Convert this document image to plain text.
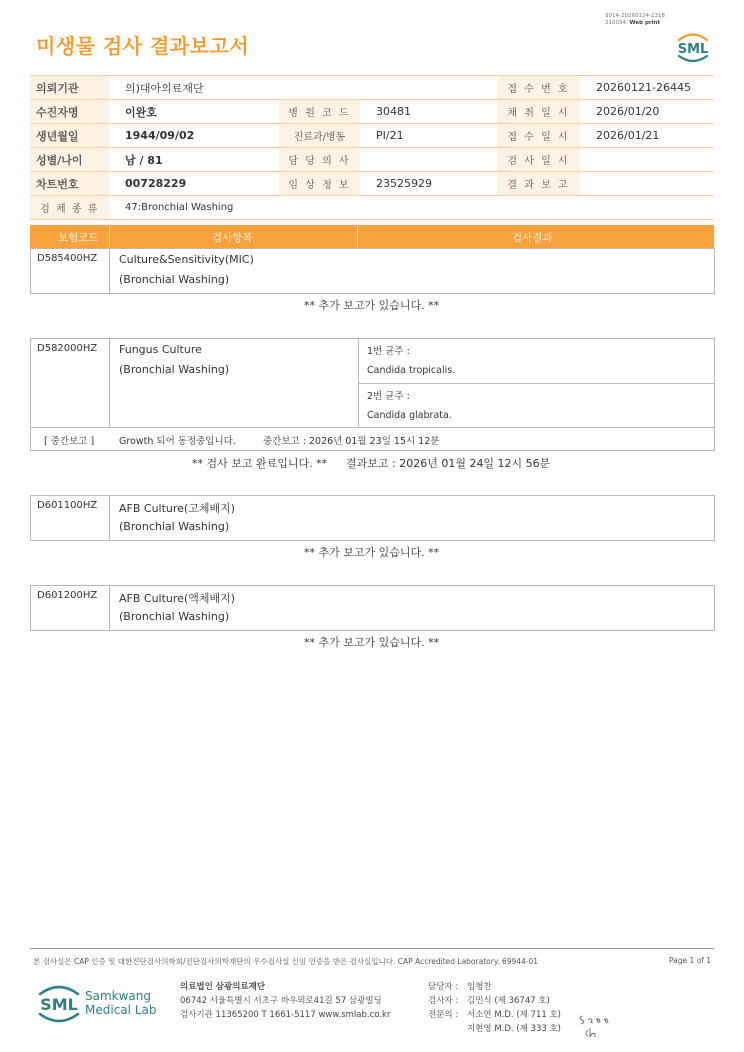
미생물 검사 결과보고서
3014-20260124-1318
210034 Web print
SML
의뢰기관	의)대아의료재단			접 수 번 호	20260121-26445
수진자명	이완호	병 원 코 드	30481	채 취 일 시	2026/01/20
생년월일	1944/09/02	진료과/병동	PI/21	접 수 일 시	2026/01/21
성별/나이	남 / 81	담 당 의 사		검 사 일 시	
차트번호	00728229	임 상 정 보	23525929	결 과 보 고	
검 체 종 류	47:Bronchial Washing				
보험코드	검사항목	검사결과
D585400HZ Culture&Sensitivity(MIC)
(Bronchial Washing)
** 추가 보고가 있습니다. **
D582000HZ Fungus Culture
(Bronchial Washing)
1번 균주 :
Candida tropicalis.
2번 균주 :
Candida glabrata.
[ 중간보고 ]	Growth 되어 동정중입니다.	중간보고 : 2026년 01월 23일 15시 12분
** 검사 보고 완료입니다. ** 결과보고 : 2026년 01월 24일 12시 56분
D601100HZ AFB Culture(고체배지)
(Bronchial Washing)
** 추가 보고가 있습니다. **
D601200HZ AFB Culture(액체배지)
(Bronchial Washing)
** 추가 보고가 있습니다. **
본 검사실은 CAP 인증 및 대한진단검사의학회/진단검사의학재단의 우수검사실 신임 인증을 받은 검사실입니다. CAP Accredited Laboratory. 69944-01	Page 1 of 1
SML Samkwang
Medical Lab
의료법인 삼광의료재단
06742 서울특별시 서초구 바우뫼로41길 57 삼광빌딩
검사기관 11365200 T 1661-5117 www.smlab.co.kr
담당자 : 임형찬
검사자 : 김민식 (제 36747 호)
전문의 : 서소연 M.D. (제 711 호)
지현영 M.D. (제 333 호)
